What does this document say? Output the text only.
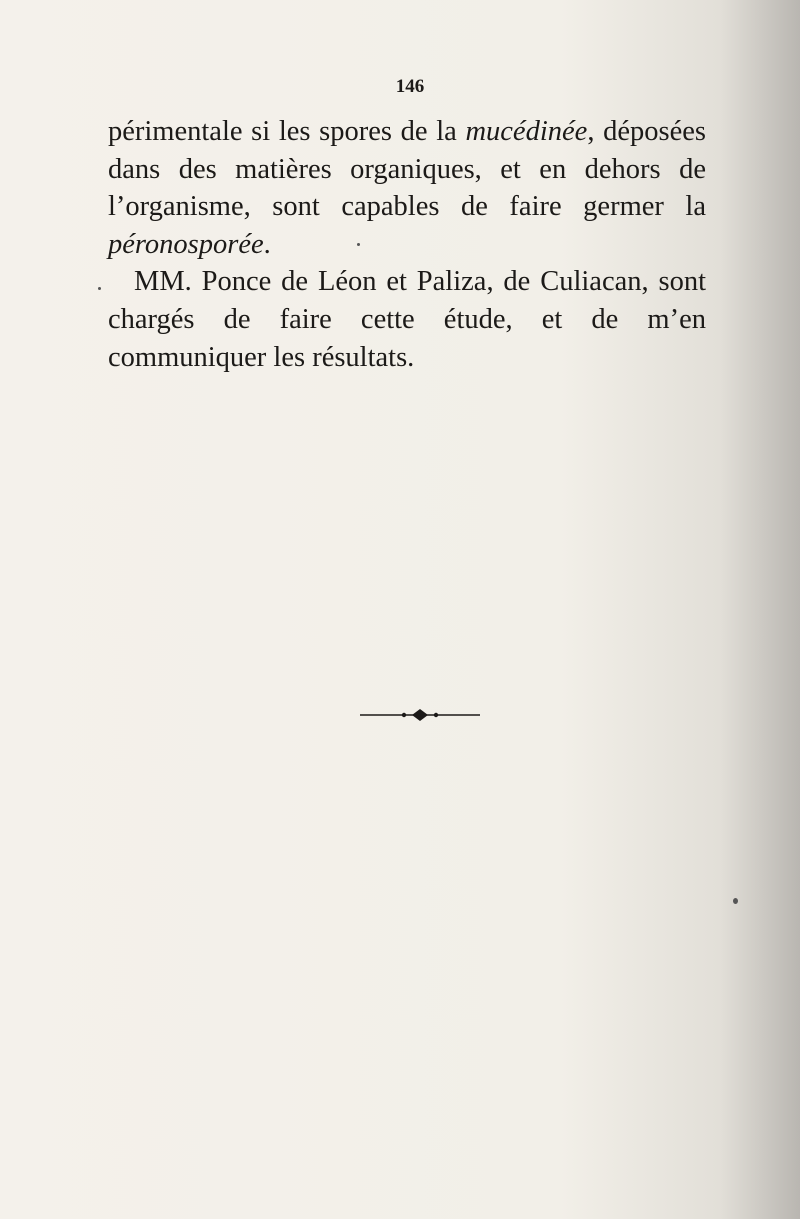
146

périmentale si les spores de la mucédinée, déposées dans des matières organiques, et en dehors de l’organisme, sont capables de faire germer la péronosporée.

MM. Ponce de Léon et Paliza, de Culiacan, sont chargés de faire cette étude, et de m’en communiquer les résultats.
